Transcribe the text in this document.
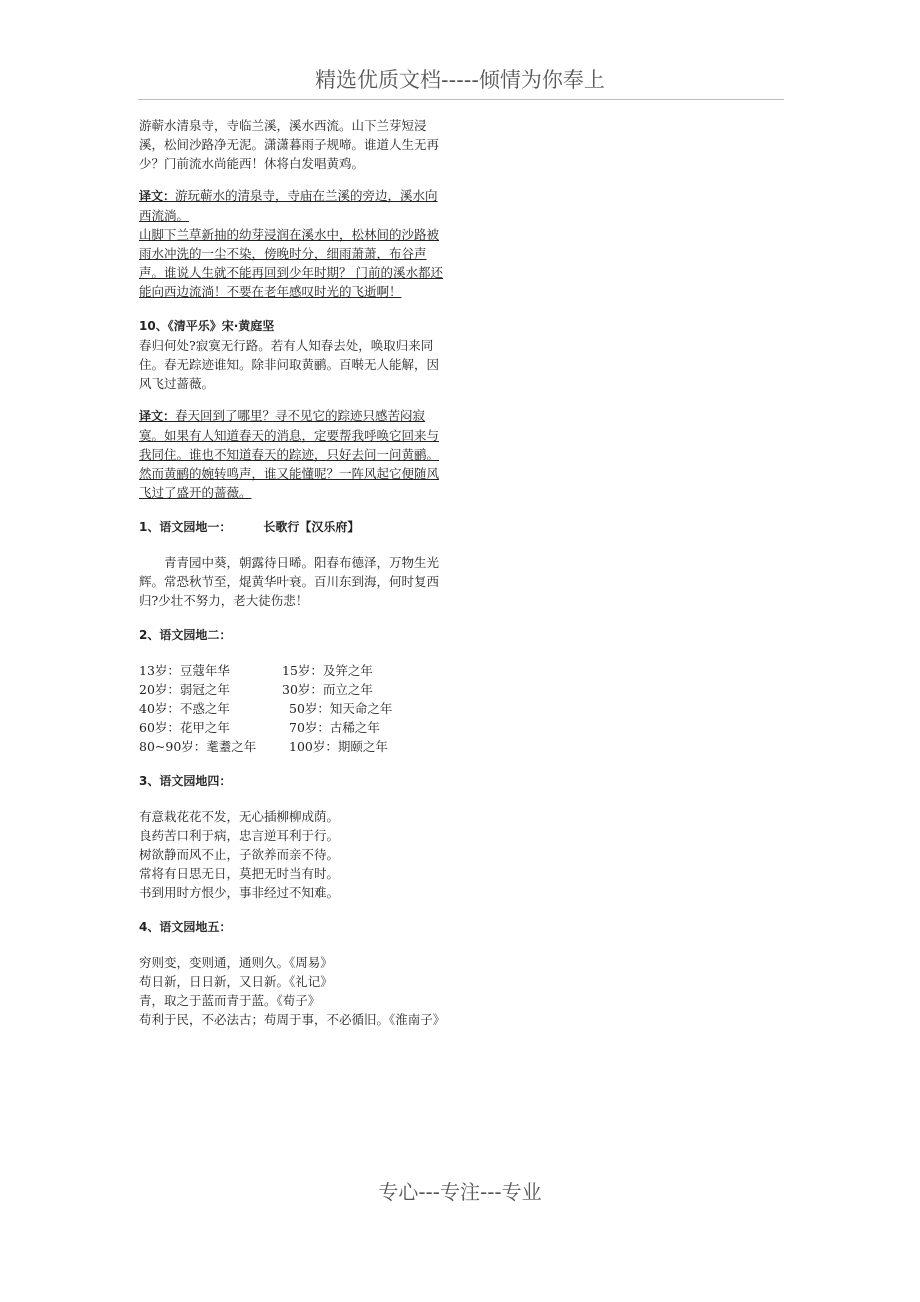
精选优质文档-----倾情为你奉上

游蕲水清泉寺，寺临兰溪，溪水西流。山下兰芽短浸溪，松间沙路净无泥。潇潇暮雨子规啼。谁道人生无再少？门前流水尚能西！休将白发唱黄鸡。

译文：游玩蕲水的清泉寺，寺庙在兰溪的旁边，溪水向西流淌。

山脚下兰草新抽的幼芽浸润在溪水中，松林间的沙路被雨水冲洗的一尘不染，傍晚时分，细雨萧萧，布谷声声。谁说人生就不能再回到少年时期？ 门前的溪水都还能向西边流淌！不要在老年感叹时光的飞逝啊！

10、《清平乐》宋·黄庭坚

春归何处?寂寞无行路。若有人知春去处，唤取归来同住。春无踪迹谁知。除非问取黄鹂。百啭无人能解，因风飞过蔷薇。

译文：春天回到了哪里？寻不见它的踪迹只感苦闷寂寞。如果有人知道春天的消息，定要帮我呼唤它回来与我同住。谁也不知道春天的踪迹，只好去问一问黄鹂。然而黄鹂的婉转鸣声，谁又能懂呢？一阵风起它便随风飞过了盛开的蔷薇。

1、语文园地一：	长歌行【汉乐府】

青青园中葵，朝露待日晞。阳春布德泽，万物生光辉。常恐秋节至，焜黄华叶衰。百川东到海，何时复西归?少壮不努力，老大徒伤悲！

2、语文园地二：

13岁：豆蔻年华	15岁：及笄之年
20岁：弱冠之年	30岁：而立之年
40岁：不惑之年	50岁：知天命之年
60岁：花甲之年	70岁：古稀之年
80~90岁：耄耋之年	100岁：期颐之年

3、语文园地四：

有意栽花花不发，无心插柳柳成荫。

良药苦口利于病，忠言逆耳利于行。

树欲静而风不止，子欲养而亲不待。

常将有日思无日，莫把无时当有时。

书到用时方恨少，事非经过不知难。

4、语文园地五：

穷则变，变则通，通则久。《周易》

苟日新，日日新，又日新。《礼记》

青，取之于蓝而青于蓝。《荀子》

苟利于民，不必法古；苟周于事，不必循旧。《淮南子》

专心---专注---专业
